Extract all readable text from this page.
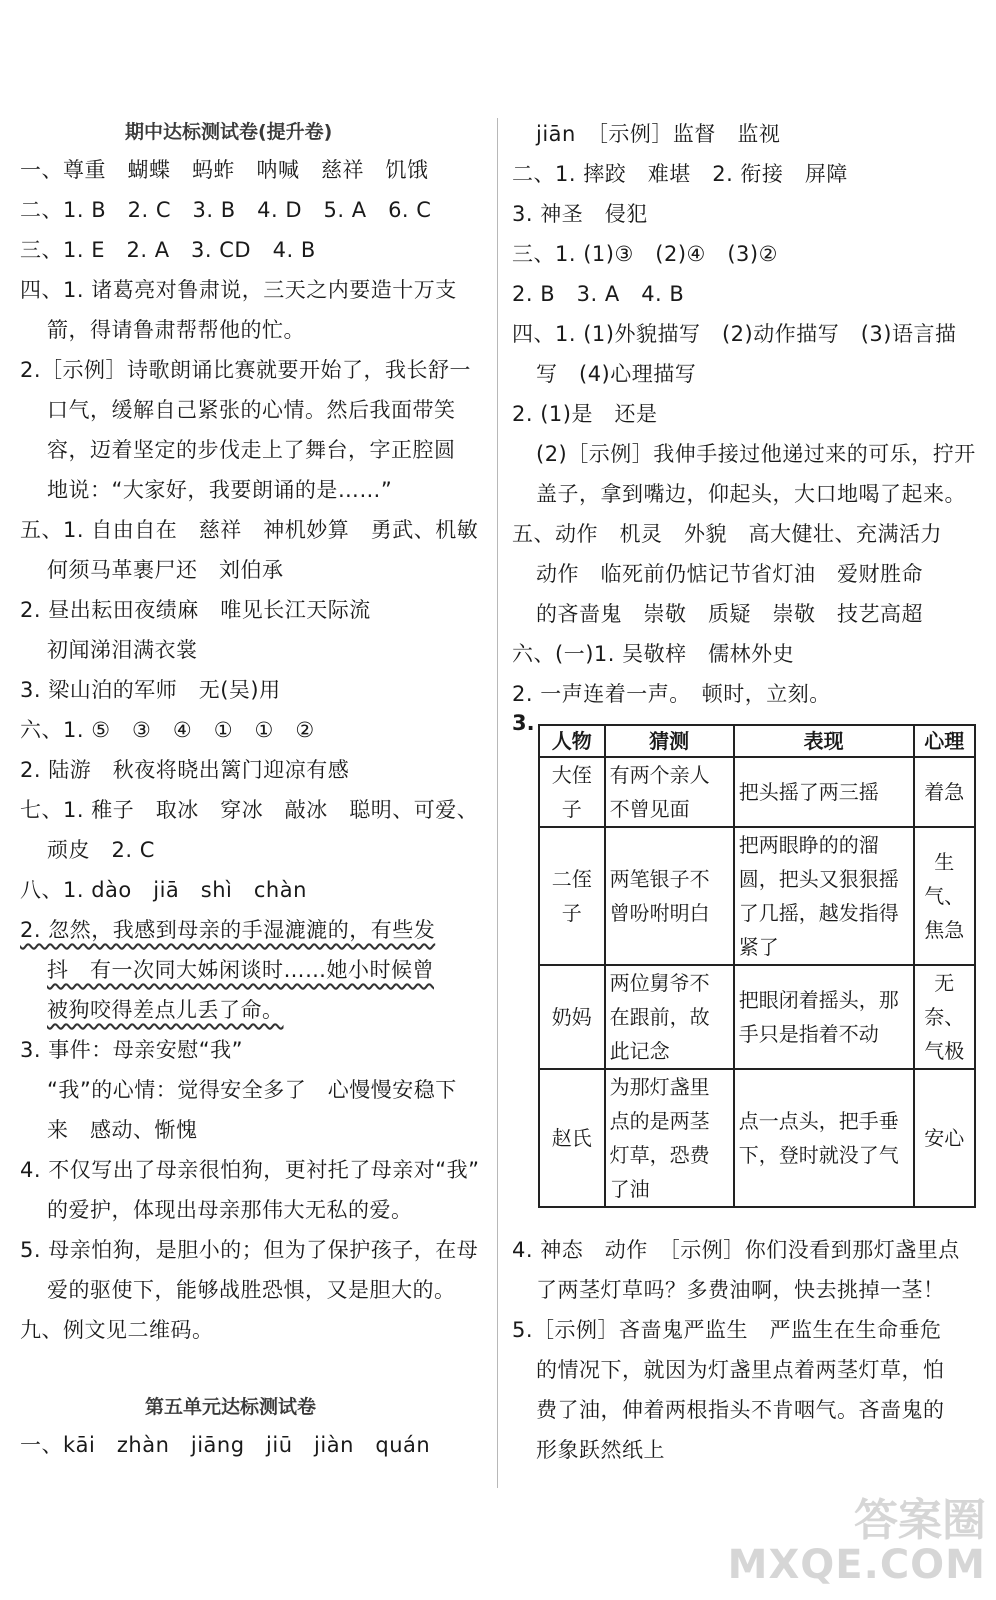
期中达标测试卷(提升卷)
一、尊重　蝴蝶　蚂蚱　呐喊　慈祥　饥饿
二、1. B　2. C　3. B　4. D　5. A　6. C
三、1. E　2. A　3. CD　4. B
四、1. 诸葛亮对鲁肃说，三天之内要造十万支
箭，得请鲁肃帮帮他的忙。
2.［示例］诗歌朗诵比赛就要开始了，我长舒一
口气，缓解自己紧张的心情。然后我面带笑
容，迈着坚定的步伐走上了舞台，字正腔圆
地说：“大家好，我要朗诵的是……”
五、1. 自由自在　慈祥　神机妙算　勇武、机敏
何须马革裹尸还　刘伯承
2. 昼出耘田夜绩麻　唯见长江天际流
初闻涕泪满衣裳
3. 梁山泊的军师　无(吴)用
六、1. ⑤　③　④　①　①　②
2. 陆游　秋夜将晓出篱门迎凉有感
七、1. 稚子　取冰　穿冰　敲冰　聪明、可爱、
顽皮　2. C
八、1. dào　jiā　shì　chàn
2. 忽然，我感到母亲的手湿漉漉的，有些发
抖　有一次同大姊闲谈时……她小时候曾
被狗咬得差点儿丢了命。
3. 事件：母亲安慰“我”
“我”的心情：觉得安全多了　心慢慢安稳下
来　感动、惭愧
4. 不仅写出了母亲很怕狗，更衬托了母亲对“我”
的爱护，体现出母亲那伟大无私的爱。
5. 母亲怕狗，是胆小的；但为了保护孩子，在母
爱的驱使下，能够战胜恐惧，又是胆大的。
九、例文见二维码。
第五单元达标测试卷
一、kāi　zhàn　jiāng　jiū　jiàn　quán
jiān　［示例］监督　监视
二、1. 摔跤　难堪　2. 衔接　屏障
3. 神圣　侵犯
三、1. (1)③　(2)④　(3)②
2. B　3. A　4. B
四、1. (1)外貌描写　(2)动作描写　(3)语言描
写　(4)心理描写
2. (1)是　还是
(2)［示例］我伸手接过他递过来的可乐，拧开
盖子，拿到嘴边，仰起头，大口地喝了起来。
五、动作　机灵　外貌　高大健壮、充满活力
动作　临死前仍惦记节省灯油　爱财胜命
的吝啬鬼　崇敬　质疑　崇敬　技艺高超
六、(一)1. 吴敬梓　儒林外史
2. 一声连着一声。　顿时，立刻。
3.
人物	猜测	表现	心理
大侄子	有两个亲人不曾见面	把头摇了两三摇	着急
二侄子	两笔银子不曾吩咐明白	把两眼睁的的溜圆，把头又狠狠摇了几摇，越发指得紧了	生气、焦急
奶妈	两位舅爷不在跟前，故此记念	把眼闭着摇头，那手只是指着不动	无奈、气极
赵氏	为那灯盏里点的是两茎灯草，恐费了油	点一点头，把手垂下，登时就没了气	安心
4. 神态　动作　［示例］你们没看到那灯盏里点
了两茎灯草吗？多费油啊，快去挑掉一茎！
5.［示例］吝啬鬼严监生　严监生在生命垂危
的情况下，就因为灯盏里点着两茎灯草，怕
费了油，伸着两根指头不肯咽气。吝啬鬼的
形象跃然纸上
答案圈
MXQE.COM
